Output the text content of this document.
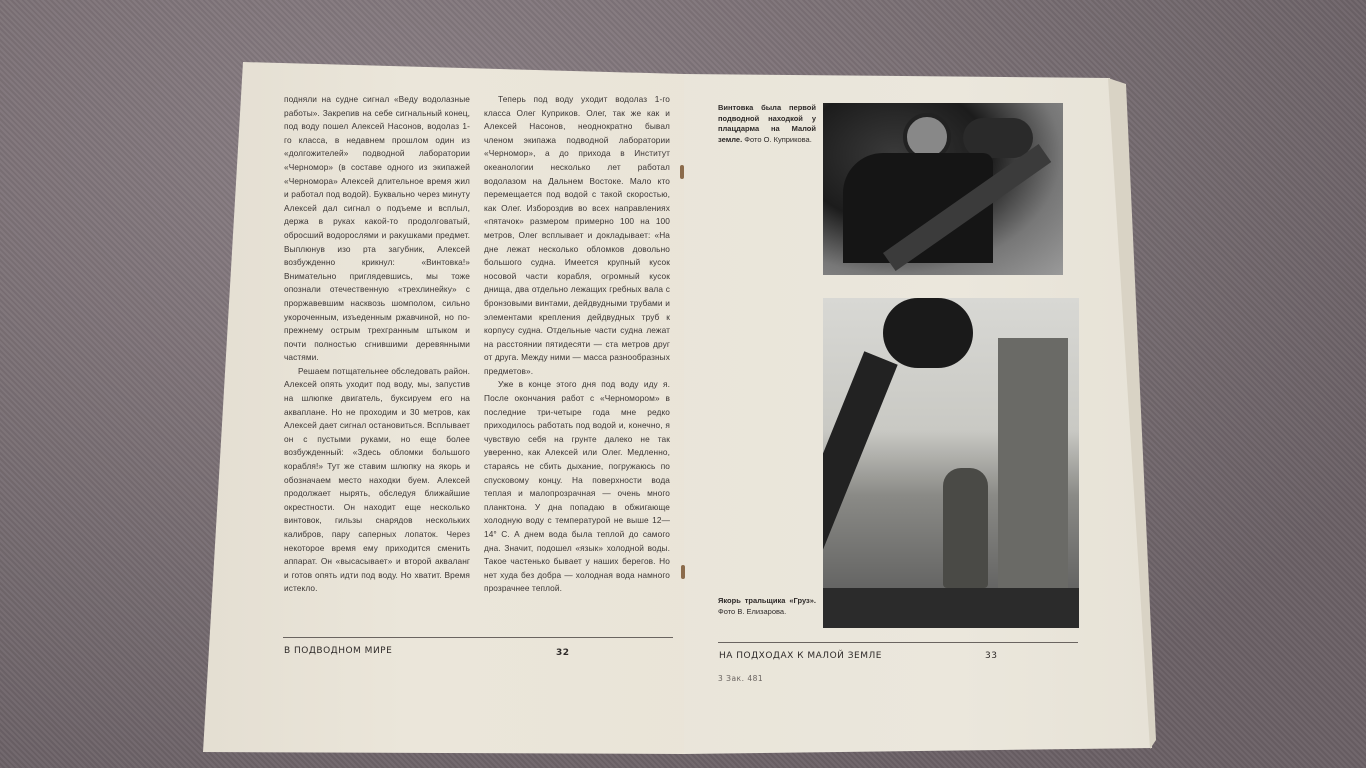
подняли на судне сигнал «Веду водолазные работы». Закрепив на себе сигнальный конец, под воду пошел Алексей Насонов, водолаз 1-го класса, в недавнем прошлом один из «долгожителей» подводной лаборатории «Черномор» (в составе одного из экипажей «Черномора» Алексей длительное время жил и работал под водой). Буквально через минуту Алексей дал сигнал о подъеме и всплыл, держа в руках какой-то продолговатый, обросший водорослями и ракушками предмет. Выплюнув изо рта загубник, Алексей возбужденно крикнул: «Винтовка!» Внимательно приглядевшись, мы тоже опознали отечественную «трехлинейку» с проржавевшим насквозь шомполом, сильно укороченным, изъеденным ржавчиной, но по-прежнему острым трехгранным штыком и почти полностью сгнившими деревянными частями.

Решаем потщательнее обследовать район. Алексей опять уходит под воду, мы, запустив на шлюпке двигатель, буксируем его на акваплане. Но не проходим и 30 метров, как Алексей дает сигнал остановиться. Всплывает он с пустыми руками, но еще более возбужденный: «Здесь обломки большого корабля!» Тут же ставим шлюпку на якорь и обозначаем место находки буем. Алексей продолжает нырять, обследуя ближайшие окрестности. Он находит еще несколько винтовок, гильзы снарядов нескольких калибров, пару саперных лопаток. Через некоторое время ему приходится сменить аппарат. Он «высасывает» и второй акваланг и готов опять идти под воду. Но хватит. Время истекло.

Теперь под воду уходит водолаз 1-го класса Олег Куприков. Олег, так же как и Алексей Насонов, неоднократно бывал членом экипажа подводной лаборатории «Черномор», а до прихода в Институт океанологии несколько лет работал водолазом на Дальнем Востоке. Мало кто перемещается под водой с такой скоростью, как Олег. Избороздив во всех направлениях «пятачок» размером примерно 100 на 100 метров, Олег всплывает и докладывает: «На дне лежат несколько обломков довольно большого судна. Имеется крупный кусок носовой части корабля, огромный кусок днища, два отдельно лежащих гребных вала с бронзовыми винтами, дейдвудными трубами и элементами крепления дейдвудных труб к корпусу судна. Отдельные части судна лежат на расстоянии пятидесяти — ста метров друг от друга. Между ними — масса разнообразных предметов».

Уже в конце этого дня под воду иду я. После окончания работ с «Черномором» в последние три-четыре года мне редко приходилось работать под водой и, конечно, я чувствую себя на грунте далеко не так уверенно, как Алексей или Олег. Медленно, стараясь не сбить дыхание, погружаюсь по спусковому концу. На поверхности вода теплая и малопрозрачная — очень много планктона. У дна попадаю в обжигающе холодную воду с температурой не выше 12—14° С. А днем вода была теплой до самого дна. Значит, подошел «язык» холодной воды. Такое частенько бывает у наших берегов. Но нет худа без добра — холодная вода намного прозрачнее теплой.

В ПОДВОДНОМ МИРЕ	32
Винтовка была первой подводной находкой у плацдарма на Малой земле. Фото О. Куприкова.
Якорь тральщика «Груз». Фото В. Елизарова.
НА ПОДХОДАХ К МАЛОЙ ЗЕМЛЕ	33
3 Зак. 481
